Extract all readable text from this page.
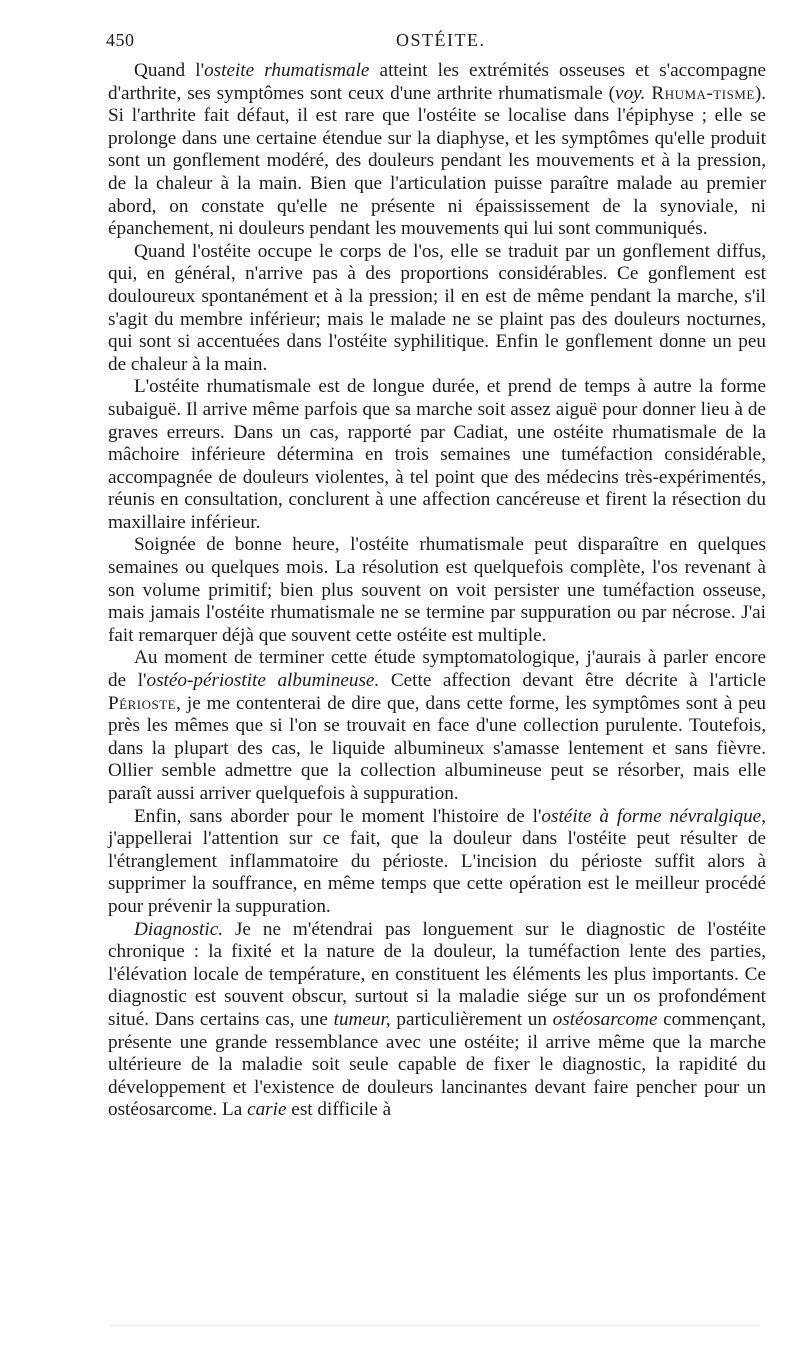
450	OSTÉITE.

Quand l'osteite rhumatismale atteint les extrémités osseuses et s'accompagne d'arthrite, ses symptômes sont ceux d'une arthrite rhumatismale (voy. Rhuma-tisme). Si l'arthrite fait défaut, il est rare que l'ostéite se localise dans l'épiphyse ; elle se prolonge dans une certaine étendue sur la diaphyse, et les symptômes qu'elle produit sont un gonflement modéré, des douleurs pendant les mouvements et à la pression, de la chaleur à la main. Bien que l'articulation puisse paraître malade au premier abord, on constate qu'elle ne présente ni épaississement de la synoviale, ni épanchement, ni douleurs pendant les mouvements qui lui sont communiqués.

Quand l'ostéite occupe le corps de l'os, elle se traduit par un gonflement diffus, qui, en général, n'arrive pas à des proportions considérables. Ce gonflement est douloureux spontanément et à la pression; il en est de même pendant la marche, s'il s'agit du membre inférieur; mais le malade ne se plaint pas des douleurs nocturnes, qui sont si accentuées dans l'ostéite syphilitique. Enfin le gonflement donne un peu de chaleur à la main.

L'ostéite rhumatismale est de longue durée, et prend de temps à autre la forme subaiguë. Il arrive même parfois que sa marche soit assez aiguë pour donner lieu à de graves erreurs. Dans un cas, rapporté par Cadiat, une ostéite rhumatismale de la mâchoire inférieure détermina en trois semaines une tuméfaction considérable, accompagnée de douleurs violentes, à tel point que des médecins très-expérimentés, réunis en consultation, conclurent à une affection cancéreuse et firent la résection du maxillaire inférieur.

Soignée de bonne heure, l'ostéite rhumatismale peut disparaître en quelques semaines ou quelques mois. La résolution est quelquefois complète, l'os revenant à son volume primitif; bien plus souvent on voit persister une tuméfaction osseuse, mais jamais l'ostéite rhumatismale ne se termine par suppuration ou par nécrose. J'ai fait remarquer déjà que souvent cette ostéite est multiple.

Au moment de terminer cette étude symptomatologique, j'aurais à parler encore de l'ostéo-périostite albumineuse. Cette affection devant être décrite à l'article Périoste, je me contenterai de dire que, dans cette forme, les symptômes sont à peu près les mêmes que si l'on se trouvait en face d'une collection purulente. Toutefois, dans la plupart des cas, le liquide albumineux s'amasse lentement et sans fièvre. Ollier semble admettre que la collection albumineuse peut se résorber, mais elle paraît aussi arriver quelquefois à suppuration.

Enfin, sans aborder pour le moment l'histoire de l'ostéite à forme névralgique, j'appellerai l'attention sur ce fait, que la douleur dans l'ostéite peut résulter de l'étranglement inflammatoire du périoste. L'incision du périoste suffit alors à supprimer la souffrance, en même temps que cette opération est le meilleur procédé pour prévenir la suppuration.

Diagnostic. Je ne m'étendrai pas longuement sur le diagnostic de l'ostéite chronique : la fixité et la nature de la douleur, la tuméfaction lente des parties, l'élévation locale de température, en constituent les éléments les plus importants. Ce diagnostic est souvent obscur, surtout si la maladie siége sur un os profondément situé. Dans certains cas, une tumeur, particulièrement un ostéosarcome commençant, présente une grande ressemblance avec une ostéite; il arrive même que la marche ultérieure de la maladie soit seule capable de fixer le diagnostic, la rapidité du développement et l'existence de douleurs lancinantes devant faire pencher pour un ostéosarcome. La carie est difficile à
